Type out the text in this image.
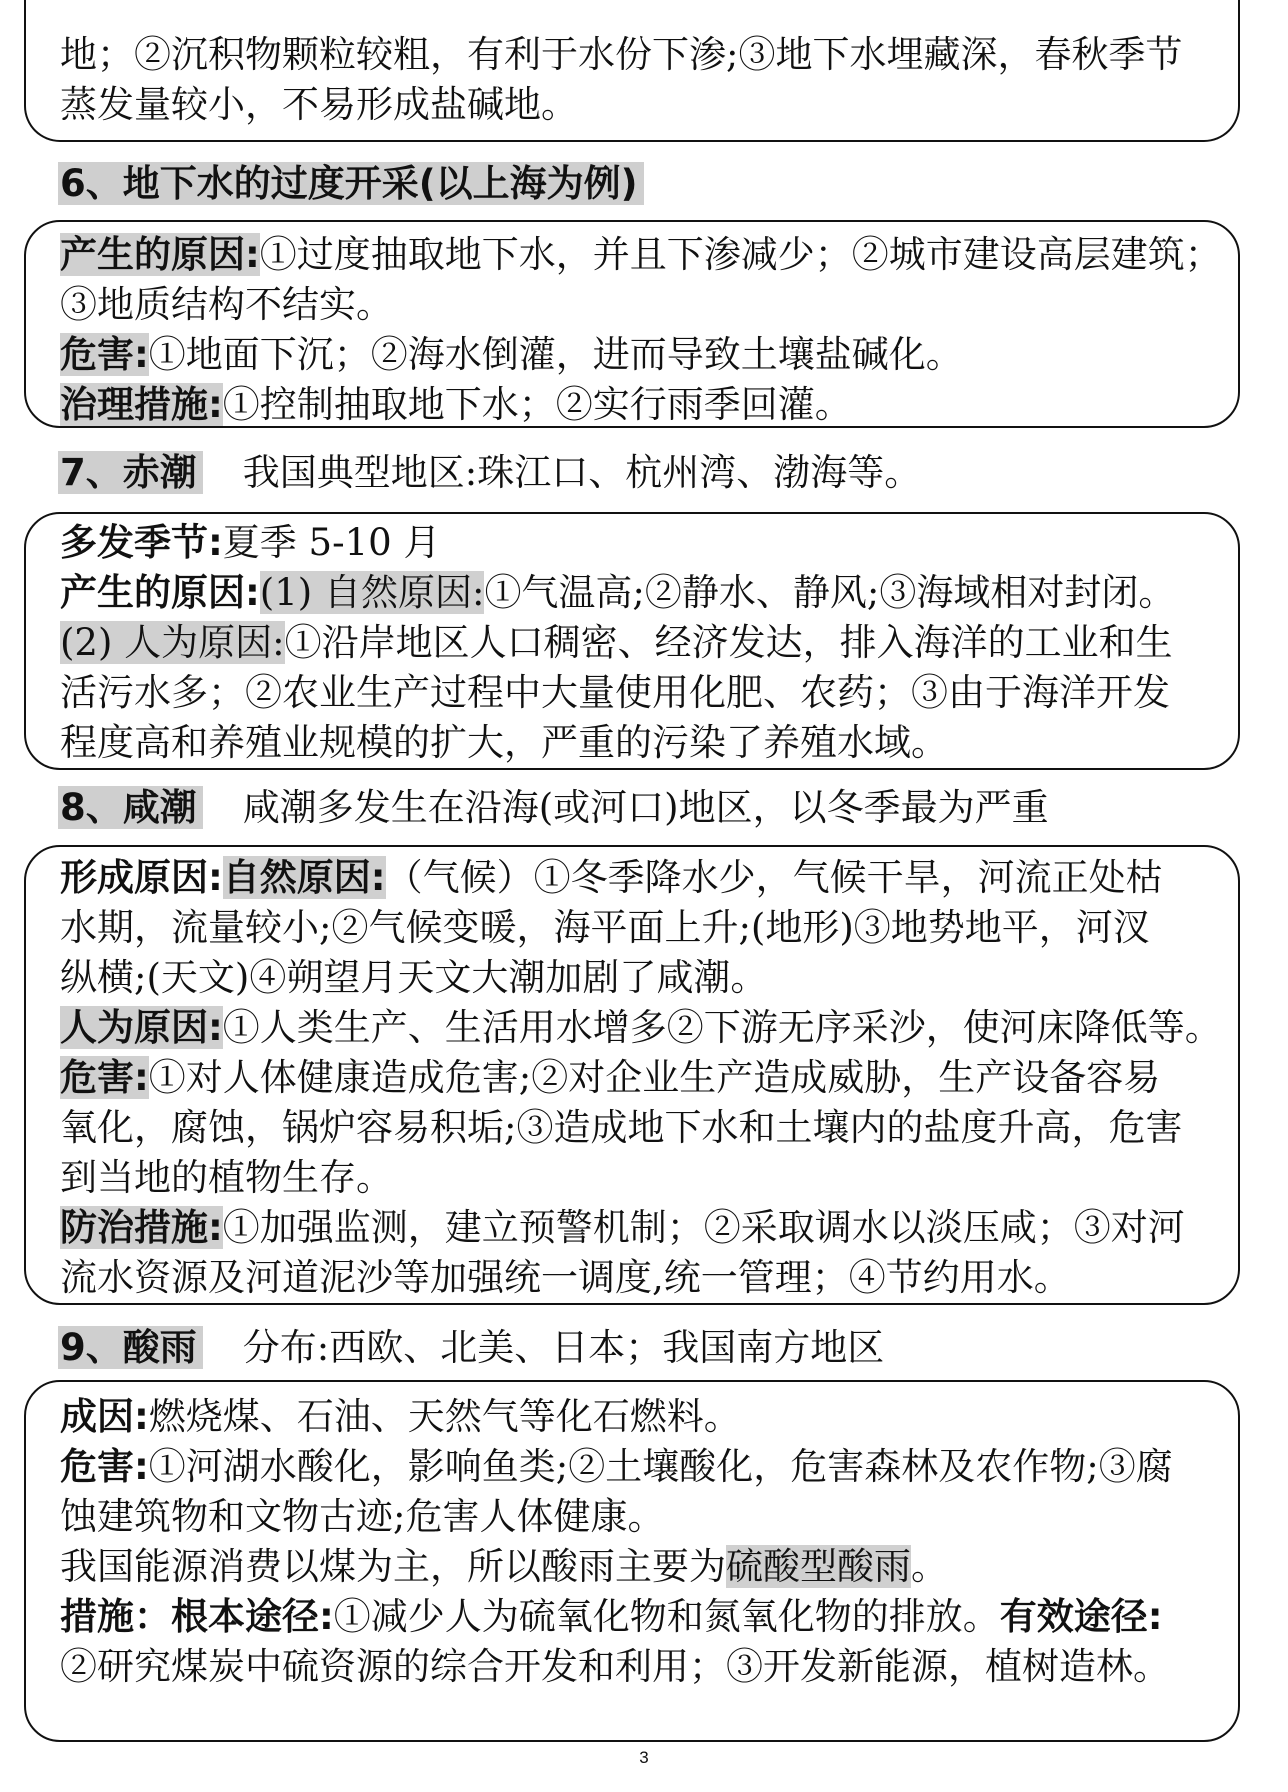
地；②沉积物颗粒较粗，有利于水份下渗;③地下水埋藏深，春秋季节
蒸发量较小，不易形成盐碱地。
6、地下水的过度开采(以上海为例)
产生的原因:①过度抽取地下水，并且下渗减少；②城市建设高层建筑；
③地质结构不结实。
危害:①地面下沉；②海水倒灌，进而导致土壤盐碱化。
治理措施:①控制抽取地下水；②实行雨季回灌。
7、赤潮 我国典型地区:珠江口、杭州湾、渤海等。
多发季节:夏季 5-10 月
产生的原因:(1) 自然原因:①气温高;②静水、静风;③海域相对封闭。
(2) 人为原因:①沿岸地区人口稠密、经济发达，排入海洋的工业和生
活污水多；②农业生产过程中大量使用化肥、农药；③由于海洋开发
程度高和养殖业规模的扩大，严重的污染了养殖水域。
8、咸潮 咸潮多发生在沿海(或河口)地区，以冬季最为严重
形成原因:自然原因:（气候）①冬季降水少，气候干旱，河流正处枯
水期，流量较小;②气候变暖，海平面上升;(地形)③地势地平，河汊
纵横;(天文)④朔望月天文大潮加剧了咸潮。
人为原因:①人类生产、生活用水增多②下游无序采沙，使河床降低等。
危害:①对人体健康造成危害;②对企业生产造成威胁，生产设备容易
氧化，腐蚀，锅炉容易积垢;③造成地下水和土壤内的盐度升高，危害
到当地的植物生存。
防治措施:①加强监测，建立预警机制；②采取调水以淡压咸；③对河
流水资源及河道泥沙等加强统一调度,统一管理；④节约用水。
9、酸雨 分布:西欧、北美、日本；我国南方地区
成因:燃烧煤、石油、天然气等化石燃料。
危害:①河湖水酸化，影响鱼类;②土壤酸化，危害森林及农作物;③腐
蚀建筑物和文物古迹;危害人体健康。
我国能源消费以煤为主，所以酸雨主要为硫酸型酸雨。
措施：根本途径:①减少人为硫氧化物和氮氧化物的排放。有效途径:
②研究煤炭中硫资源的综合开发和利用；③开发新能源，植树造林。
3
